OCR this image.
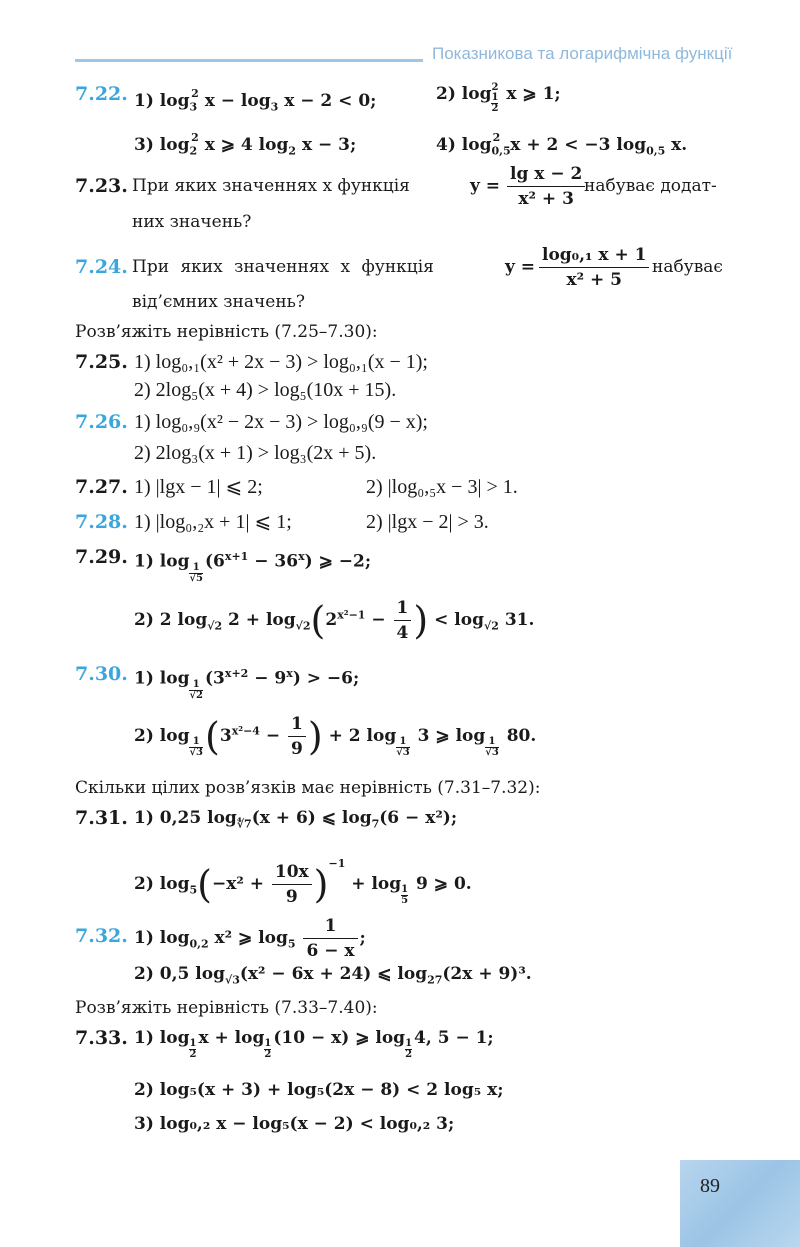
Показникова та логарифмічна функції
7.22. 1) $\log_3^2 x - \log_3 x - 2 < 0$;	2) log 2
1
2
x ⩾ 1;
3) $\log_2^2 x$ ⩾ 4 $\log_2 x - 3$;	4) $\log_{0,5}^2 x + 2 < -3$ $\log_{0,5} x$.
7.23. При яких значеннях x функція	$y = \frac{\text{lg x − 2}}{\text{x² + 3}}$
набуває додат-
них значень?
7.24. При яких значеннях x функція	$y = \frac{\text{log₀,₁ x + 1}}{\text{x² + 5}}$ набуває
від’ємних значень?
Розв’яжіть нерівність (7.25–7.30):
7.25. 1) log₀,₁(x² + 2x − 3) > log₀,₁(x − 1);
2) 2log₅(x + 4) > log₅(10x + 15).
7.26. 1) log₀,₉(x² − 2x − 3) > log₀,₉(9 − x);
2) 2log₃(x + 1) > log₃(2x + 5).
7.27. 1) |lgx − 1| ⩽ 2;	2) |log₀,₅x − 3| > 1.
7.28. 1) |log₀,₂x + 1| ⩽ 1;	2) |lgx − 2| > 3.
7.29. 1) log
$\frac{1}{√5}$
$(6^{x+1} - 36^x)$ ⩾ −2;
2) 2 $\log_{√2} 2 + \log_{√2}(2^{x^2-1} - \frac{1}{4}$ ) < $\log_{√2} 31$.
7.30. 1) log
$\frac{1}{√2}$
$(3^{x+2} - 9^x) > -6$;
2) log
$\frac{1}{√3} (3^{x^2-4} - \frac{1}{9}$ ) + 2 log
$\frac{1}{√3}$
3 ⩾ log
$\frac{1}{√3}$
80.
Скільки цілих розв’язків має нерівність (7.31–7.32):
7.31. 1) 0,25 $\log_{∜7}(x + 6)$ ⩽ $\log_7(6 - x^2)$;
2) $\log_5(-x^2 + \frac{10x}{9} )^{-1} + \log$
$\frac{1}{5}$
9 ⩾ 0.
7.32. 1) $\log_{0,2} x^2$ ⩾ $\log_5 \frac{1}{6 - x}$ ;
2) 0,5 $\log_{√3}(x^2 - 6x + 24)$ ⩽ $\log_{27}(2x + 9)^3$.
Розв’яжіть нерівність (7.33–7.40):
7.33. 1) log
$\frac{1}{2}$
x + log
$\frac{1}{2}$
(10 − x) ⩾ log
$\frac{1}{2}$
4, 5 − 1;
2) log₅(x + 3) + log₅(2x − 8) < 2 log₅ x;
3) log₀,₂ x − log₅(x − 2) < log₀,₂ 3;
89
